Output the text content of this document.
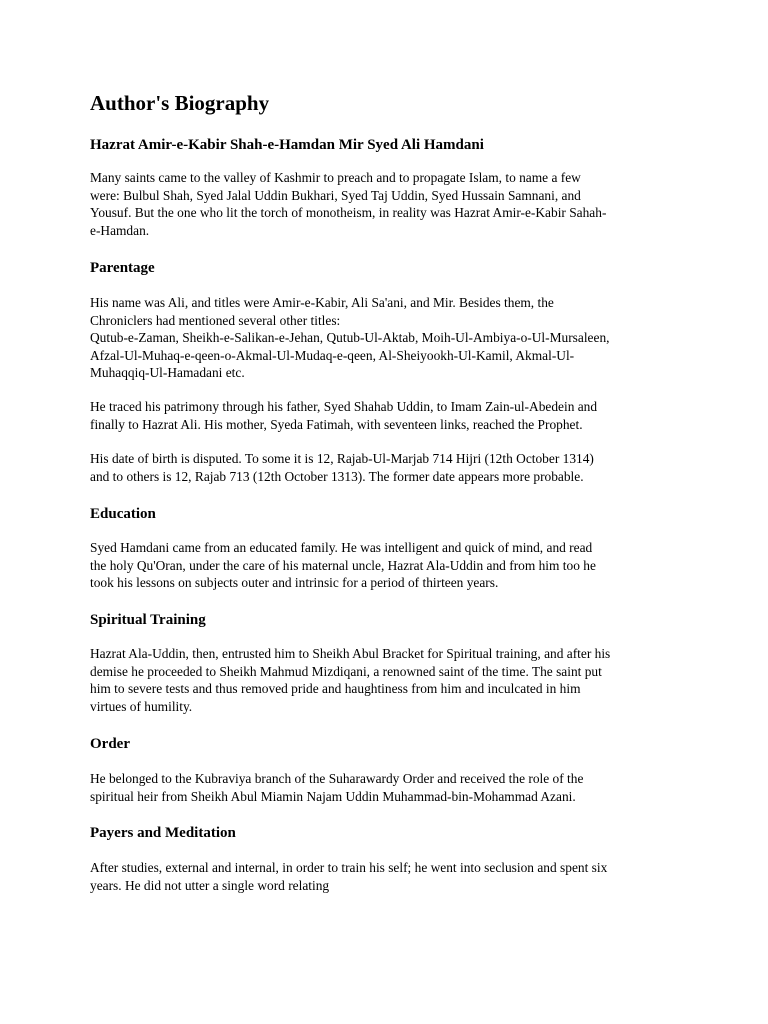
Author's Biography
Hazrat Amir-e-Kabir Shah-e-Hamdan Mir Syed Ali Hamdani

Many saints came to the valley of Kashmir to preach and to propagate Islam, to name a few
were: Bulbul Shah, Syed Jalal Uddin Bukhari, Syed Taj Uddin, Syed Hussain Samnani, and
Yousuf. But the one who lit the torch of monotheism, in reality was Hazrat Amir-e-Kabir Sahah-
e-Hamdan.

Parentage

His name was Ali, and titles were Amir-e-Kabir, Ali Sa'ani, and Mir. Besides them, the
Chroniclers had mentioned several other titles:
Qutub-e-Zaman, Sheikh-e-Salikan-e-Jehan, Qutub-Ul-Aktab, Moih-Ul-Ambiya-o-Ul-Mursaleen,
Afzal-Ul-Muhaq-e-qeen-o-Akmal-Ul-Mudaq-e-qeen, Al-Sheiyookh-Ul-Kamil, Akmal-Ul-
Muhaqqiq-Ul-Hamadani etc.

He traced his patrimony through his father, Syed Shahab Uddin, to Imam Zain-ul-Abedein and
finally to Hazrat Ali. His mother, Syeda Fatimah, with seventeen links, reached the Prophet.

His date of birth is disputed. To some it is 12, Rajab-Ul-Marjab 714 Hijri (12th October 1314)
and to others is 12, Rajab 713 (12th October 1313). The former date appears more probable.

Education

Syed Hamdani came from an educated family. He was intelligent and quick of mind, and read
the holy Qu'Oran, under the care of his maternal uncle, Hazrat Ala-Uddin and from him too he
took his lessons on subjects outer and intrinsic for a period of thirteen years.

Spiritual Training

Hazrat Ala-Uddin, then, entrusted him to Sheikh Abul Bracket for Spiritual training, and after his
demise he proceeded to Sheikh Mahmud Mizdiqani, a renowned saint of the time. The saint put
him to severe tests and thus removed pride and haughtiness from him and inculcated in him
virtues of humility.

Order

He belonged to the Kubraviya branch of the Suharawardy Order and received the role of the
spiritual heir from Sheikh Abul Miamin Najam Uddin Muhammad-bin-Mohammad Azani.

Payers and Meditation

After studies, external and internal, in order to train his self; he went into seclusion and spent six
years. He did not utter a single word relating
